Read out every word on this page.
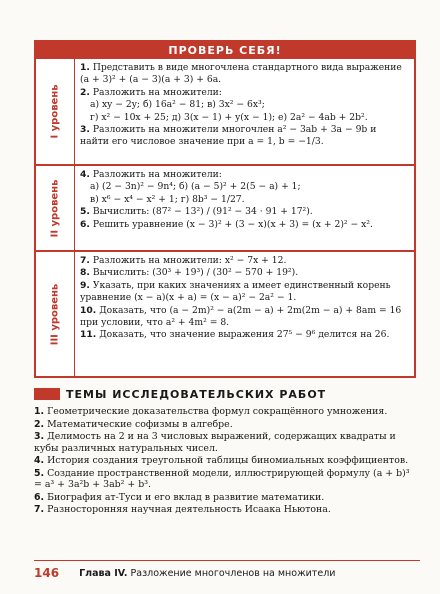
ПРОВЕРЬ СЕБЯ!
I уровень
II уровень
III уровень

1. Представить в виде многочлена стандартного вида выражение (a + 3)² + (a − 3)(a + 3) + 6a.

2. Разложить на множители:

а) xy − 2y; б) 16a² − 81; в) 3x² − 6x³;

г) x² − 10x + 25; д) 3(x − 1) + y(x − 1); е) 2a² − 4ab + 2b².

3. Разложить на множители многочлен a² − 3ab + 3a − 9b и найти его числовое значение при a = 1, b = −1/3.

4. Разложить на множители:

а) (2 − 3n)² − 9n⁴; б) (a − 5)² + 2(5 − a) + 1;

в) x⁶ − x⁴ − x² + 1; г) 8b³ − 1/27.

5. Вычислить: (87² − 13²) / (91² − 34 · 91 + 17²).

6. Решить уравнение (x − 3)² + (3 − x)(x + 3) = (x + 2)² − x².

7. Разложить на множители: x² − 7x + 12.

8. Вычислить: (30³ + 19³) / (30² − 570 + 19²).

9. Указать, при каких значениях a имеет единственный корень уравнение (x − a)(x + a) = (x − a)² − 2a² − 1.

10. Доказать, что (a − 2m)² − a(2m − a) + 2m(2m − a) + 8am = 16 при условии, что a² + 4m² = 8.

11. Доказать, что значение выражения 27⁵ − 9⁶ делится на 26.

ТЕМЫ ИССЛЕДОВАТЕЛЬСКИХ РАБОТ

1. Геометрические доказательства формул сокращённого умножения.

2. Математические софизмы в алгебре.

3. Делимость на 2 и на 3 числовых выражений, содержащих квадраты и кубы различных натуральных чисел.

4. История создания треугольной таблицы биномиальных коэффициентов.

5. Создание пространственной модели, иллюстрирующей формулу (a + b)³ = a³ + 3a²b + 3ab² + b³.

6. Биография ат-Туси и его вклад в развитие математики.

7. Разносторонняя научная деятельность Исаака Ньютона.

146 Глава IV. Разложение многочленов на множители
